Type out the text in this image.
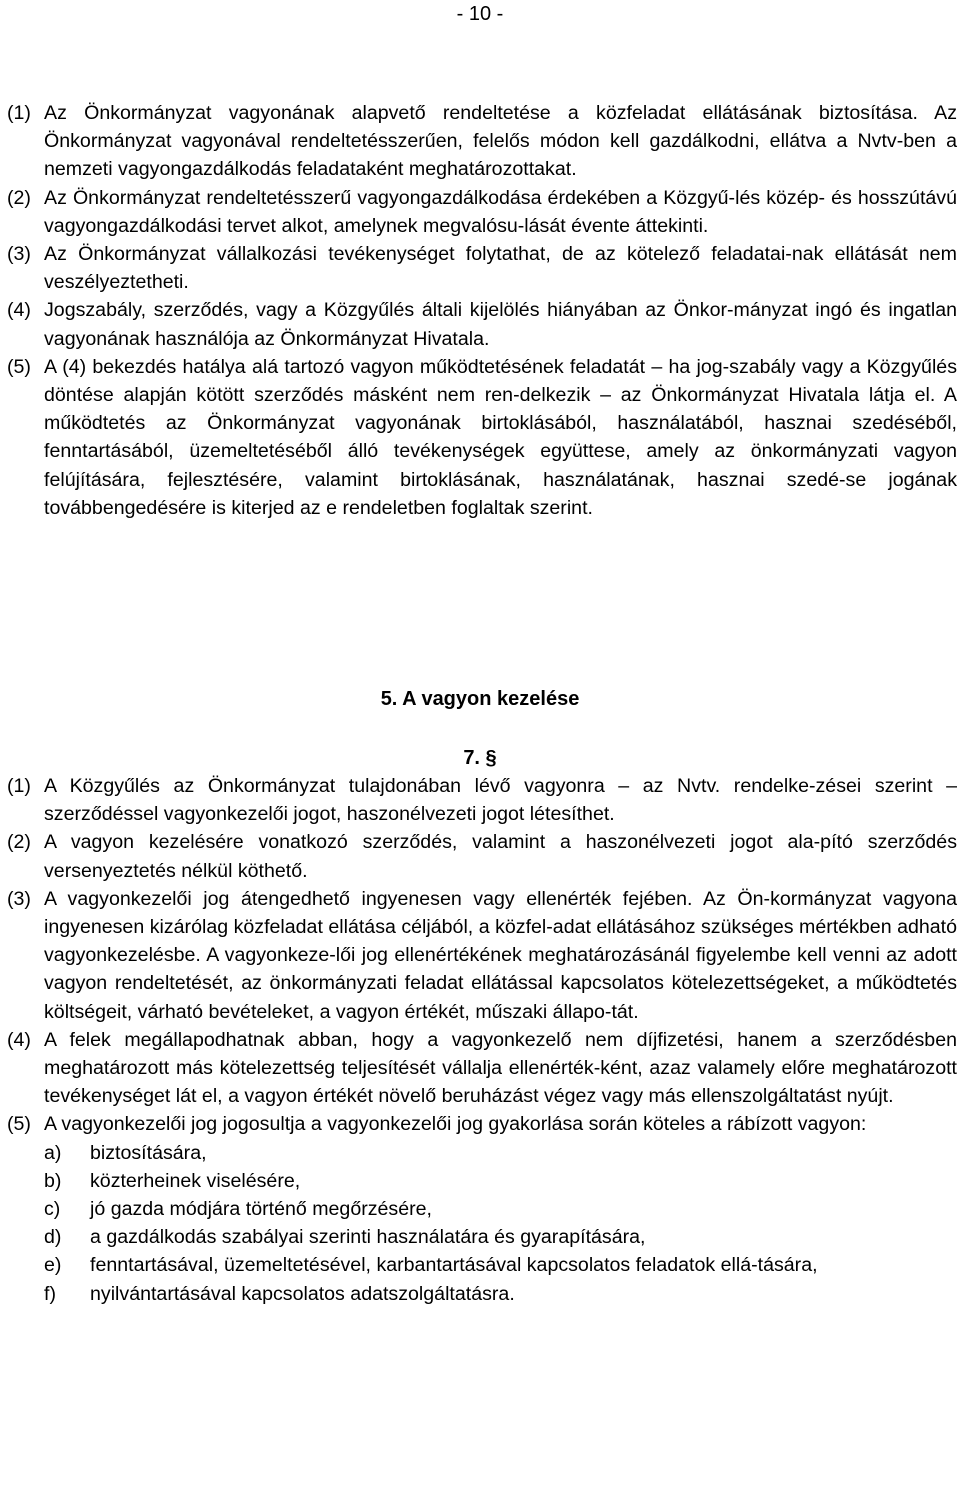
- 10 -
(1) Az Önkormányzat vagyonának alapvető rendeltetése a közfeladat ellátásának biztosítása. Az Önkormányzat vagyonával rendeltetésszerűen, felelős módon kell gazdálkodni, ellátva a Nvtv-ben a nemzeti vagyongazdálkodás feladataként meghatározottakat.
(2) Az Önkormányzat rendeltetésszerű vagyongazdálkodása érdekében a Közgyű-lés közép- és hosszútávú vagyongazdálkodási tervet alkot, amelynek megvalósu-lását évente áttekinti.
(3) Az Önkormányzat vállalkozási tevékenységet folytathat, de az kötelező feladatai-nak ellátását nem veszélyeztetheti.
(4) Jogszabály, szerződés, vagy a Közgyűlés általi kijelölés hiányában az Önkor-mányzat ingó és ingatlan vagyonának használója az Önkormányzat Hivatala.
(5) A (4) bekezdés hatálya alá tartozó vagyon működtetésének feladatát – ha jog-szabály vagy a Közgyűlés döntése alapján kötött szerződés másként nem ren-delkezik – az Önkormányzat Hivatala látja el. A működtetés az Önkormányzat vagyonának birtoklásából, használatából, hasznai szedéséből, fenntartásából, üzemeltetéséből álló tevékenységek együttese, amely az önkormányzati vagyon felújítására, fejlesztésére, valamint birtoklásának, használatának, hasznai szedé-se jogának továbbengedésére is kiterjed az e rendeletben foglaltak szerint.
5. A vagyon kezelése
7. §
(1) A Közgyűlés az Önkormányzat tulajdonában lévő vagyonra – az Nvtv. rendelke-zései szerint – szerződéssel vagyonkezelői jogot, haszonélvezeti jogot létesíthet.
(2) A vagyon kezelésére vonatkozó szerződés, valamint a haszonélvezeti jogot ala-pító szerződés versenyeztetés nélkül köthető.
(3) A vagyonkezelői jog átengedhető ingyenesen vagy ellenérték fejében. Az Ön-kormányzat vagyona ingyenesen kizárólag közfeladat ellátása céljából, a közfel-adat ellátásához szükséges mértékben adható vagyonkezelésbe. A vagyonkeze-lői jog ellenértékének meghatározásánál figyelembe kell venni az adott vagyon rendeltetését, az önkormányzati feladat ellátással kapcsolatos kötelezettségeket, a működtetés költségeit, várható bevételeket, a vagyon értékét, műszaki állapo-tát.
(4) A felek megállapodhatnak abban, hogy a vagyonkezelő nem díjfizetési, hanem a szerződésben meghatározott más kötelezettség teljesítését vállalja ellenérték-ként, azaz valamely előre meghatározott tevékenységet lát el, a vagyon értékét növelő beruházást végez vagy más ellenszolgáltatást nyújt.
(5) A vagyonkezelői jog jogosultja a vagyonkezelői jog gyakorlása során köteles a rábízott vagyon:
a) biztosítására,
b) közterheinek viselésére,
c) jó gazda módjára történő megőrzésére,
d) a gazdálkodás szabályai szerinti használatára és gyarapítására,
e) fenntartásával, üzemeltetésével, karbantartásával kapcsolatos feladatok ellá-tására,
f) nyilvántartásával kapcsolatos adatszolgáltatásra.
